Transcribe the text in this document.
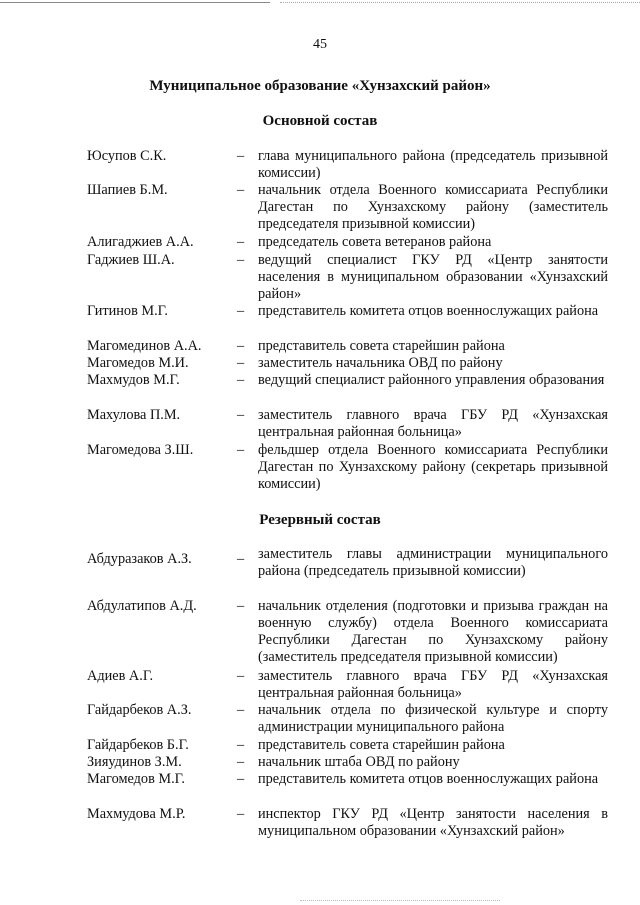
45
Муниципальное образование «Хунзахский район»
Основной состав
Резервный состав
Юсупов С.К.	– глава муниципального района (председатель призывной комиссии)
Шапиев Б.М.	– начальник отдела Военного комиссариата Республики Дагестан по Хунзахскому району (заместитель председателя призывной комиссии)
Алигаджиев А.А.	– председатель совета ветеранов района
Гаджиев Ш.А.	– ведущий специалист ГКУ РД «Центр занятости населения в муниципальном образовании «Хунзахский район»
Гитинов М.Г.	– представитель комитета отцов военнослужащих района
Магомединов А.А. – представитель совета старейшин района
Магомедов М.И.	– заместитель начальника ОВД по району
Махмудов М.Г.	– ведущий специалист районного управления образования
Махулова П.М.	– заместитель главного врача ГБУ РД «Хунзахская центральная районная больница»
Магомедова З.Ш.	– фельдшер отдела Военного комиссариата Республики Дагестан по Хунзахскому району (секретарь призывной комиссии)
Абдуразаков А.З.	– заместитель главы администрации муниципального района (председатель призывной комиссии)
Абдулатипов А.Д.	– начальник отделения (подготовки и призыва граждан на военную службу) отдела Военного комиссариата Республики Дагестан по Хунзахскому району (заместитель председателя призывной комиссии)
Адиев А.Г.	– заместитель главного врача ГБУ РД «Хунзахская центральная районная больница»
Гайдарбеков А.З.	– начальник отдела по физической культуре и спорту администрации муниципального района
Гайдарбеков Б.Г.	– представитель совета старейшин района
Зияудинов З.М.	– начальник штаба ОВД по району
Магомедов М.Г.	– представитель комитета отцов военнослужащих района
Махмудова М.Р.	– инспектор ГКУ РД «Центр занятости населения в муниципальном образовании «Хунзахский район»
